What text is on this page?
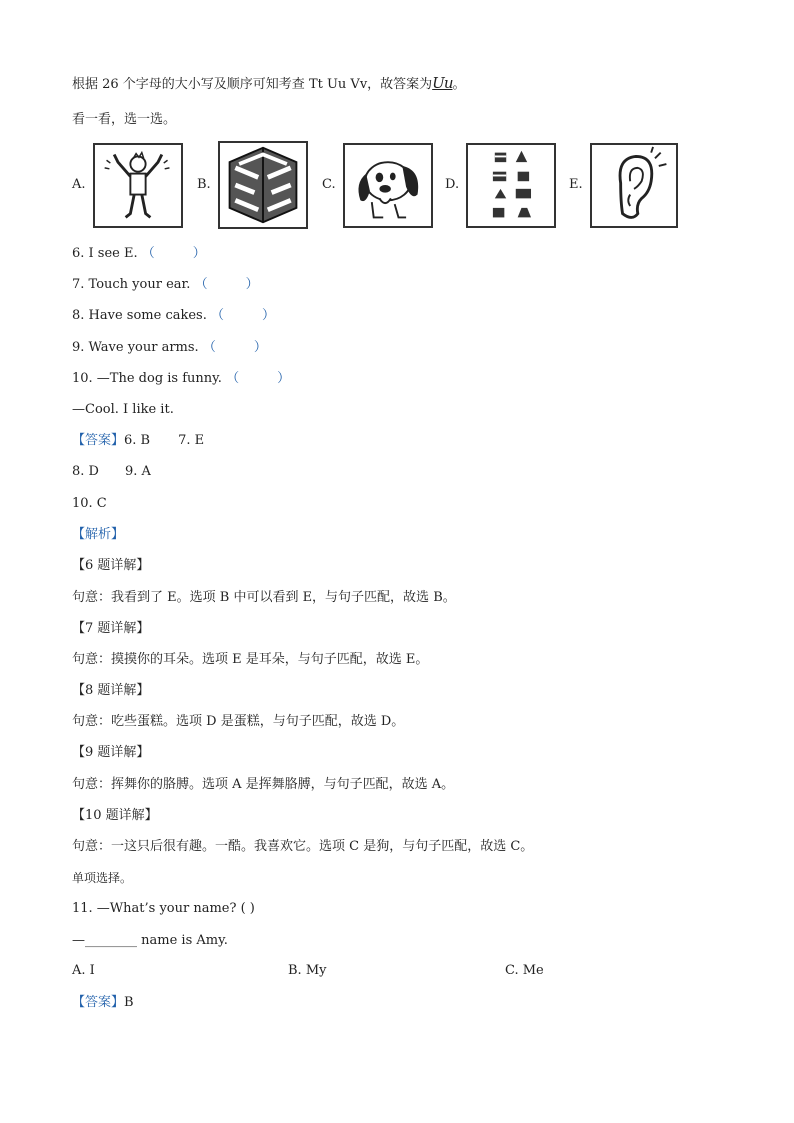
根据 26 个字母的大小写及顺序可知考查 Tt Uu Vv，故答案为Uu。
看一看，选一选。
A.	B.	C.	D.	E.
6. I see E. （	）
7. Touch your ear. （	）
8. Have some cakes. （	）
9. Wave your arms. （	）
10. —The dog is funny. （	）
—Cool. I like it.
【答案】6. B 7. E
8. D 9. A
10. C
【解析】
【6 题详解】
句意：我看到了 E。选项 B 中可以看到 E，与句子匹配，故选 B。
【7 题详解】
句意：摸摸你的耳朵。选项 E 是耳朵，与句子匹配，故选 E。
【8 题详解】
句意：吃些蛋糕。选项 D 是蛋糕，与句子匹配，故选 D。
【9 题详解】
句意：挥舞你的胳膊。选项 A 是挥舞胳膊，与句子匹配，故选 A。
【10 题详解】
句意：一这只后很有趣。一酷。我喜欢它。选项 C 是狗，与句子匹配，故选 C。
单项选择。
11. —What’s your name? ( )
—________ name is Amy.
A. I	B. My	C. Me
【答案】B
